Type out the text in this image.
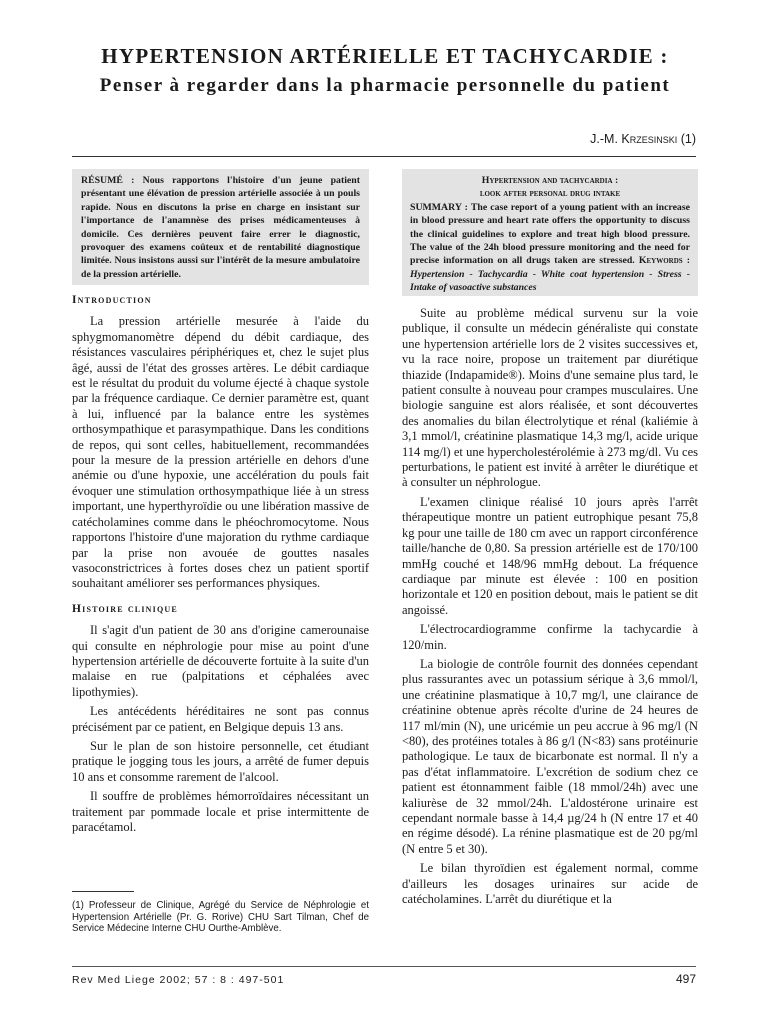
HYPERTENSION ARTÉRIELLE ET TACHYCARDIE :
Penser à regarder dans la pharmacie personnelle du patient
J.-M. Krzesinski (1)
RÉSUMÉ : Nous rapportons l'histoire d'un jeune patient présentant une élévation de pression artérielle associée à un pouls rapide. Nous en discutons la prise en charge en insistant sur l'importance de l'anamnèse des prises médicamenteuses à domicile. Ces dernières peuvent faire errer le diagnostic, provoquer des examens coûteux et de rentabilité diagnostique limitée. Nous insistons aussi sur l'intérêt de la mesure ambulatoire de la pression artérielle.
Hypertension and tachycardia :
look after personal drug intake
SUMMARY : The case report of a young patient with an increase in blood pressure and heart rate offers the opportunity to discuss the clinical guidelines to explore and treat high blood pressure. The value of the 24h blood pressure monitoring and the need for precise information on all drugs taken are stressed. Keywords : Hypertension - Tachycardia - White coat hypertension - Stress - Intake of vasoactive substances
Introduction

La pression artérielle mesurée à l'aide du sphygmomanomètre dépend du débit cardiaque, des résistances vasculaires périphériques et, chez le sujet plus âgé, aussi de l'état des grosses artères. Le débit cardiaque est le résultat du produit du volume éjecté à chaque systole par la fréquence cardiaque. Ce dernier paramètre est, quant à lui, influencé par la balance entre les systèmes orthosympathique et parasympathique. Dans les conditions de repos, qui sont celles, habituellement, recommandées pour la mesure de la pression artérielle en dehors d'une anémie ou d'une hypoxie, une accélération du pouls fait évoquer une stimulation orthosympathique liée à un stress important, une hyperthyroïdie ou une libération massive de catécholamines comme dans le phéochromocytome. Nous rapportons l'histoire d'une majoration du rythme cardiaque par la prise non avouée de gouttes nasales vasoconstrictrices à fortes doses chez un patient sportif souhaitant améliorer ses performances physiques.

Histoire clinique

Il s'agit d'un patient de 30 ans d'origine camerounaise qui consulte en néphrologie pour mise au point d'une hypertension artérielle de découverte fortuite à la suite d'un malaise en rue (palpitations et céphalées avec lipothymies).

Les antécédents héréditaires ne sont pas connus précisément par ce patient, en Belgique depuis 13 ans.

Sur le plan de son histoire personnelle, cet étudiant pratique le jogging tous les jours, a arrêté de fumer depuis 10 ans et consomme rarement de l'alcool.

Il souffre de problèmes hémorroïdaires nécessitant un traitement par pommade locale et prise intermittente de paracétamol.

(1) Professeur de Clinique, Agrégé du Service de Néphrologie et Hypertension Artérielle (Pr. G. Rorive) CHU Sart Tilman, Chef de Service Médecine Interne CHU Ourthe-Amblève.

Suite au problème médical survenu sur la voie publique, il consulte un médecin généraliste qui constate une hypertension artérielle lors de 2 visites successives et, vu la race noire, propose un traitement par diurétique thiazide (Indapamide®). Moins d'une semaine plus tard, le patient consulte à nouveau pour crampes musculaires. Une biologie sanguine est alors réalisée, et sont découvertes des anomalies du bilan électrolytique et rénal (kaliémie à 3,1 mmol/l, créatinine plasmatique 14,3 mg/l, acide urique 114 mg/l) et une hypercholestérolémie à 273 mg/dl. Vu ces perturbations, le patient est invité à arrêter le diurétique et à consulter un néphrologue.

L'examen clinique réalisé 10 jours après l'arrêt thérapeutique montre un patient eutrophique pesant 75,8 kg pour une taille de 180 cm avec un rapport circonférence taille/hanche de 0,80. Sa pression artérielle est de 170/100 mmHg couché et 148/96 mmHg debout. La fréquence cardiaque par minute est élevée : 100 en position horizontale et 120 en position debout, mais le patient se dit angoissé.

L'électrocardiogramme confirme la tachycardie à 120/min.

La biologie de contrôle fournit des données cependant plus rassurantes avec un potassium sérique à 3,6 mmol/l, une créatinine plasmatique à 10,7 mg/l, une clairance de créatinine obtenue après récolte d'urine de 24 heures de 117 ml/min (N), une uricémie un peu accrue à 96 mg/l (N <80), des protéines totales à 86 g/l (N<83) sans protéinurie pathologique. Le taux de bicarbonate est normal. Il n'y a pas d'état inflammatoire. L'excrétion de sodium chez ce patient est étonnamment faible (18 mmol/24h) avec une kaliurèse de 32 mmol/24h. L'aldostérone urinaire est cependant normale basse à 14,4 µg/24 h (N entre 17 et 40 en régime désodé). La rénine plasmatique est de 20 pg/ml (N entre 5 et 30).

Le bilan thyroïdien est également normal, comme d'ailleurs les dosages urinaires sur acide de catécholamines. L'arrêt du diurétique et la

Rev Med Liege 2002; 57 : 8 : 497-501	497
